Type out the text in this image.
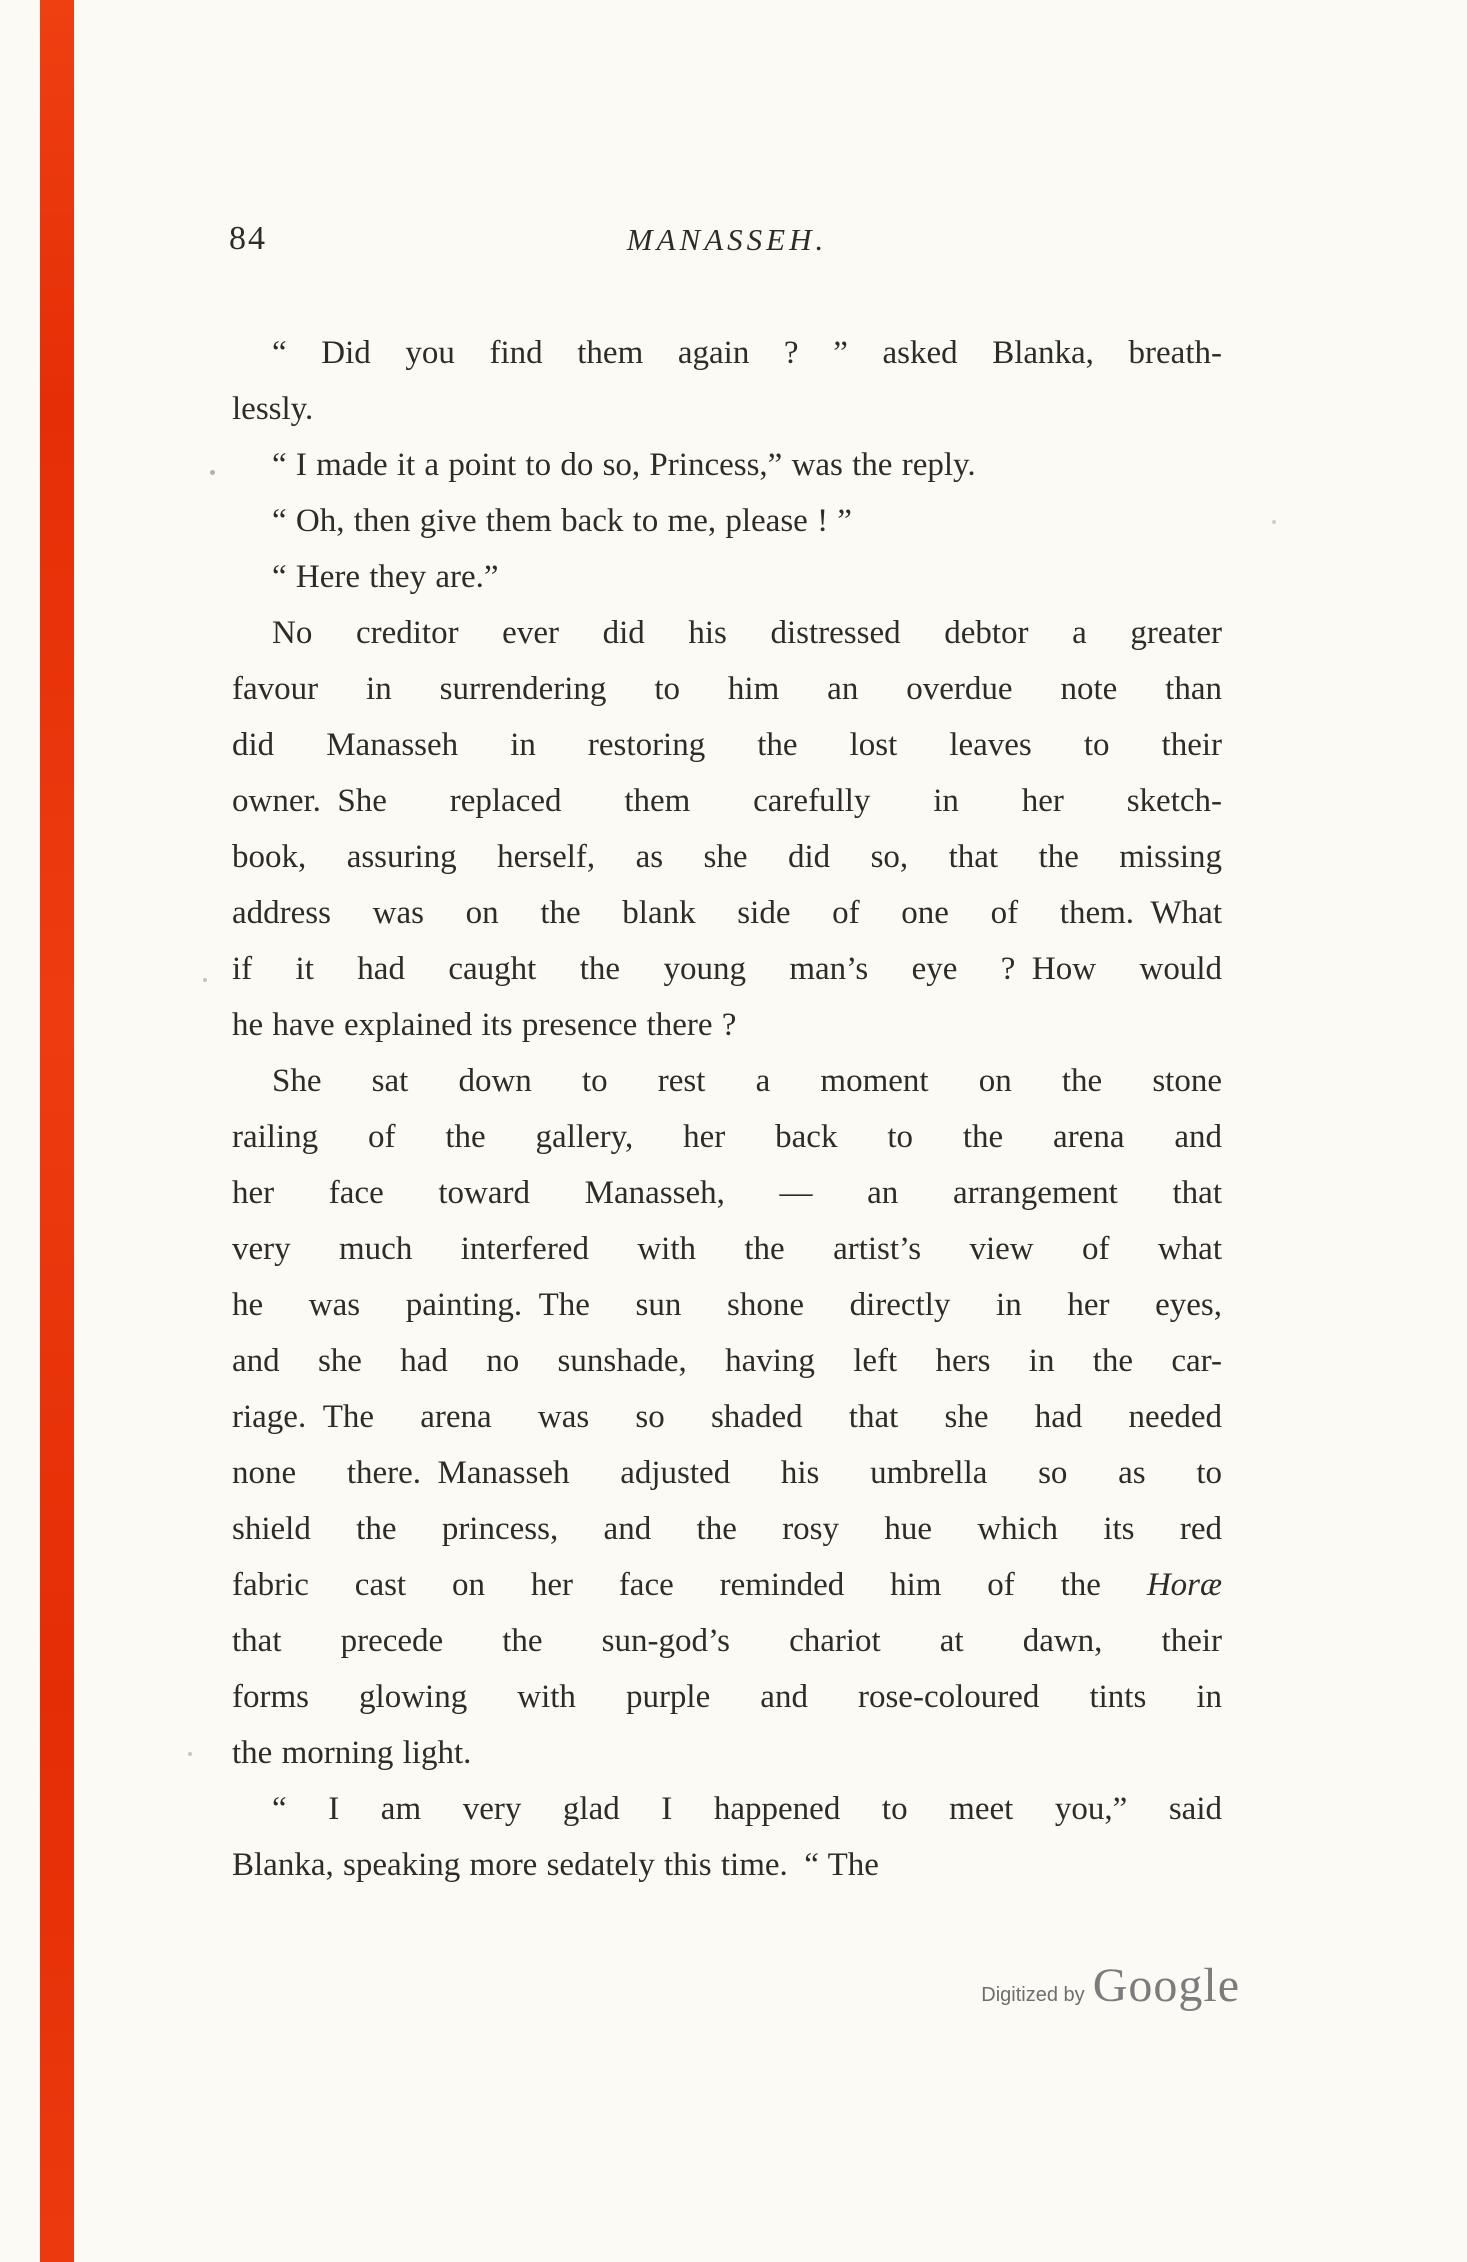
84	MANASSEH.
“ Did you find them again ? ” asked Blanka, breath-
lessly.
“ I made it a point to do so, Princess,” was the reply.
“ Oh, then give them back to me, please ! ”
“ Here they are.”
No creditor ever did his distressed debtor a greater
favour in surrendering to him an overdue note than
did Manasseh in restoring the lost leaves to their
owner. She replaced them carefully in her sketch-
book, assuring herself, as she did so, that the missing
address was on the blank side of one of them. What
if it had caught the young man’s eye ? How would
he have explained its presence there ?
She sat down to rest a moment on the stone
railing of the gallery, her back to the arena and
her face toward Manasseh, — an arrangement that
very much interfered with the artist’s view of what
he was painting. The sun shone directly in her eyes,
and she had no sunshade, having left hers in the car-
riage. The arena was so shaded that she had needed
none there. Manasseh adjusted his umbrella so as to
shield the princess, and the rosy hue which its red
fabric cast on her face reminded him of the Horæ
that precede the sun-god’s chariot at dawn, their
forms glowing with purple and rose-coloured tints in
the morning light.
“ I am very glad I happened to meet you,” said
Blanka, speaking more sedately this time. “ The
Digitized by Google
